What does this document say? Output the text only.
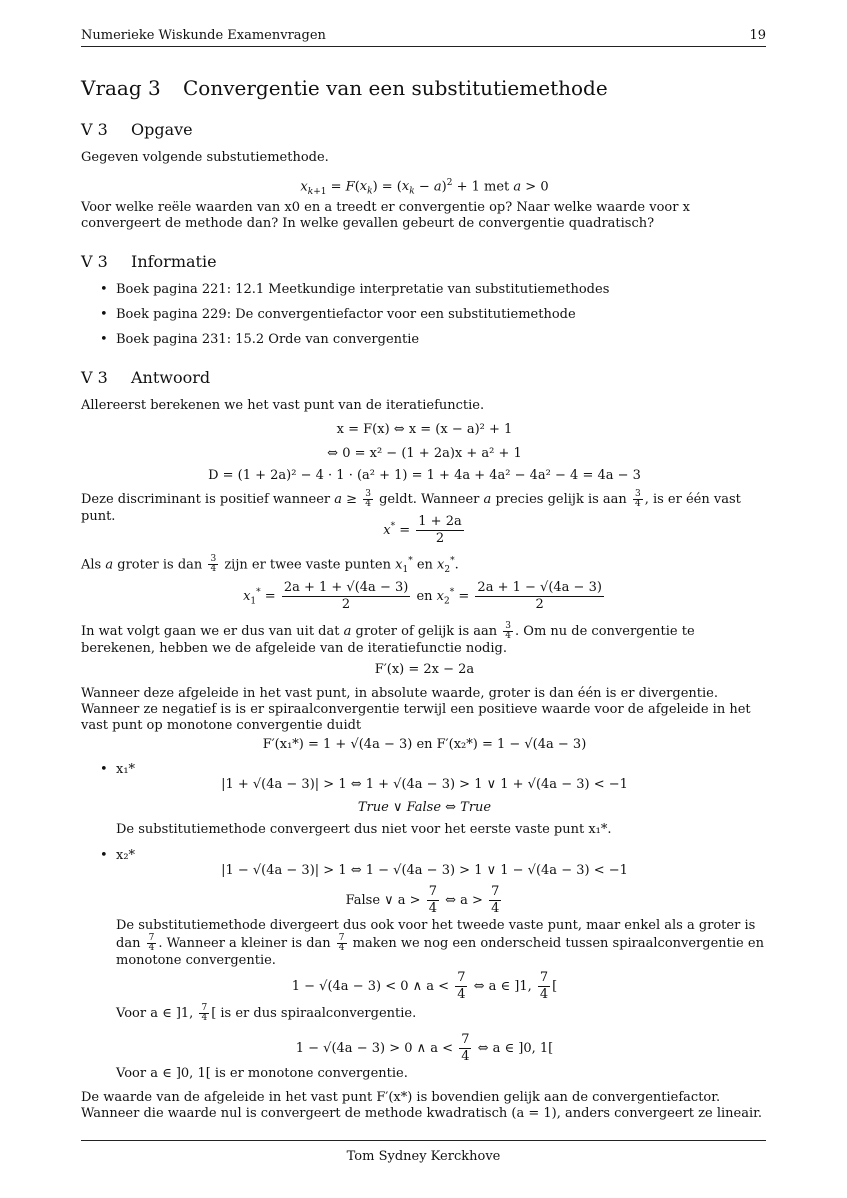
Numerieke Wiskunde Examenvragen	19
Vraag 3 Convergentie van een substitutiemethode
V 3 Opgave
Gegeven volgende substutiemethode.
$x_{k+1} = F(x_k) = (x_k - a)^2 + 1$ met a > 0
Voor welke reële waarden van x0 en a treedt er convergentie op? Naar welke waarde voor x convergeert de methode dan? In welke gevallen gebeurt de convergentie quadratisch?
V 3 Informatie
• Boek pagina 221: 12.1 Meetkundige interpretatie van substitutiemethodes
• Boek pagina 229: De convergentiefactor voor een substitutiemethode
• Boek pagina 231: 15.2 Orde van convergentie
V 3 Antwoord
Allereerst berekenen we het vast punt van de iteratiefunctie.
x = F(x) ⇔ x = (x − a)² + 1
⇔ 0 = x² − (1 + 2a)x + a² + 1
D = (1 + 2a)² − 4 · 1 · (a² + 1) = 1 + 4a + 4a² − 4a² − 4 = 4a − 3
Deze discriminant is positief wanneer $a \ge \frac{3}{4}$ geldt. Wanneer a precies gelijk is aan $\frac{3}{4}$ , is er één vast punt.
$x^* = \frac{1 + 2a}{2}$
Als a groter is dan $\frac{3}{4}$ zijn er twee vaste punten $x_1^*$ en $x_2^*$.
$x_1^* = \frac{2a + 1 + √(4a - 3)}{2}$ en $x_2^* = \frac{2a + 1 - √(4a - 3)}{2}$
In wat volgt gaan we er dus van uit dat a groter of gelijk is aan $\frac{3}{4}$ . Om nu de convergentie te berekenen, hebben we de afgeleide van de iteratiefunctie nodig.
F′(x) = 2x − 2a
Wanneer deze afgeleide in het vast punt, in absolute waarde, groter is dan één is er divergentie. Wanneer ze negatief is is er spiraalconvergentie terwijl een positieve waarde voor de afgeleide in het vast punt op monotone convergentie duidt
F′(x₁*) = 1 + √(4a − 3) en F′(x₂*) = 1 − √(4a − 3)
• x₁*
|1 + √(4a − 3)| > 1 ⇔ 1 + √(4a − 3) > 1 ∨ 1 + √(4a − 3) < −1
True ∨ False ⇔ True
De substitutiemethode convergeert dus niet voor het eerste vaste punt x₁*.
• x₂*
|1 − √(4a − 3)| > 1 ⇔ 1 − √(4a − 3) > 1 ∨ 1 − √(4a − 3) < −1
False ∨ $a > \frac{7}{4}$ ⇔ $a > \frac{7}{4}$
De substitutiemethode divergeert dus ook voor het tweede vaste punt, maar enkel als a groter is dan $\frac{7}{4}$ . Wanneer a kleiner is dan $\frac{7}{4}$ maken we nog een onderscheid tussen spiraalconvergentie en monotone convergentie.
1 − √(4a − 3) < 0 ∧ $a < \frac{7}{4}$ ⇔ a ∈ ]1, $\frac{7}{4}$ [
Voor a ∈ ]1, $\frac{7}{4}$ [ is er dus spiraalconvergentie.
1 − √(4a − 3) > 0 ∧ $a < \frac{7}{4}$ ⇔ a ∈ ]0, 1[
Voor a ∈ ]0, 1[ is er monotone convergentie.
De waarde van de afgeleide in het vast punt F′(x*) is bovendien gelijk aan de convergentiefactor. Wanneer die waarde nul is convergeert de methode kwadratisch (a = 1), anders convergeert ze lineair.
Tom Sydney Kerckhove
